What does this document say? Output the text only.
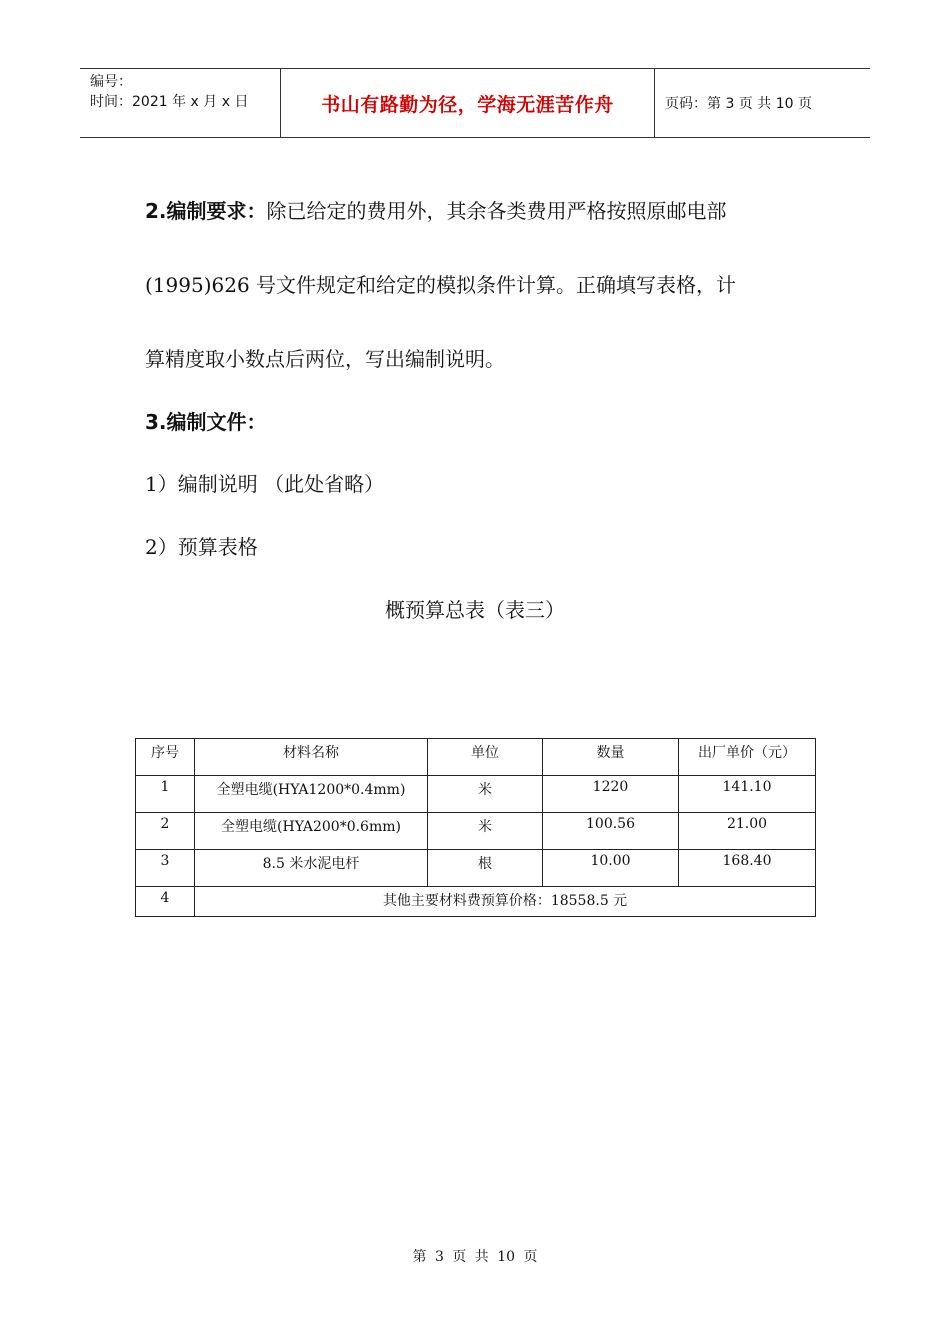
编号：
时间：2021 年 x 月 x 日	书山有路勤为径，学海无涯苦作舟	页码：第 3 页 共 10 页
2.编制要求：除已给定的费用外，其余各类费用严格按照原邮电部
(1995)626 号文件规定和给定的模拟条件计算。正确填写表格，计
算精度取小数点后两位，写出编制说明。
3.编制文件：
1）编制说明 （此处省略）
2）预算表格
概预算总表（表三）
序号	材料名称	单位	数量	出厂单价（元）
1	全塑电缆(HYA1200*0.4mm)	米	1220	141.10
2	全塑电缆(HYA200*0.6mm)	米	100.56	21.00
3	8.5 米水泥电杆	根	10.00	168.40
4	其他主要材料费预算价格：18558.5 元			
第 3 页 共 10 页
